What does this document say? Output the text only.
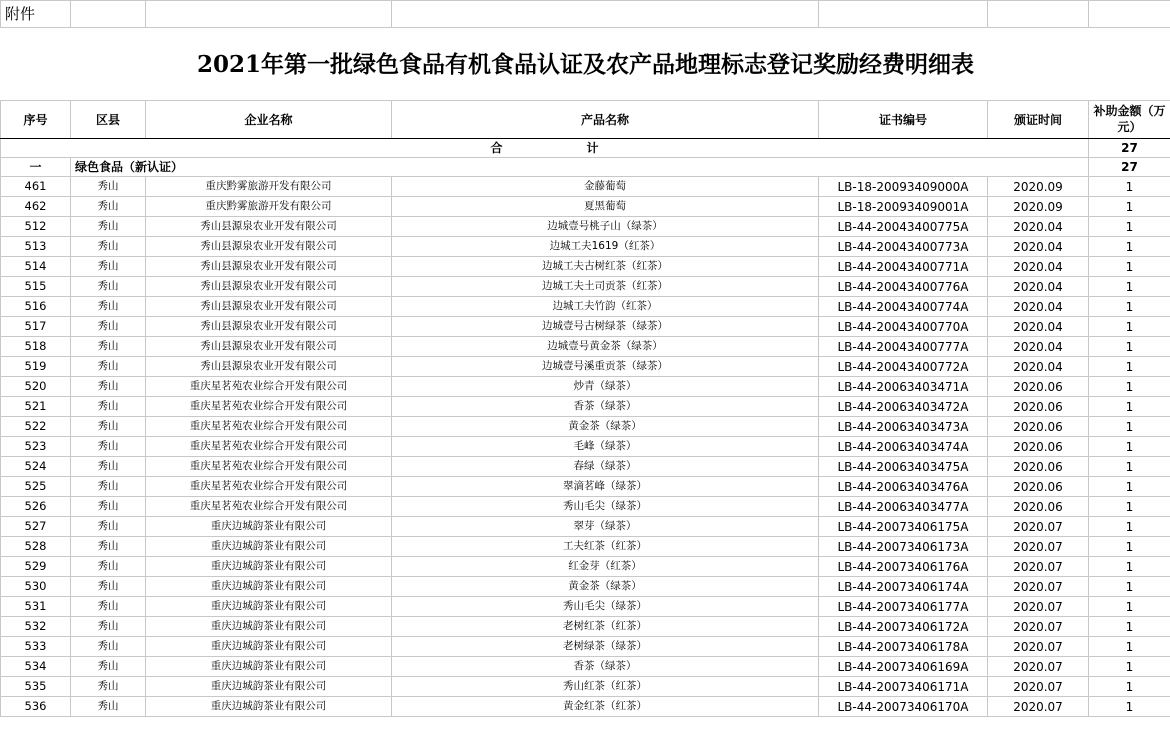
附件						
2021年第一批绿色食品有机食品认证及农产品地理标志登记奖励经费明细表						
序号	区县	企业名称	产品名称	证书编号	颁证时间	补助金额（万元）
合　　　　　　　计						27
一	绿色食品（新认证）					27
461	秀山	重庆黔雾旅游开发有限公司	金藤葡萄	LB-18-20093409000A	2020.09	1
462	秀山	重庆黔雾旅游开发有限公司	夏黑葡萄	LB-18-20093409001A	2020.09	1
512	秀山	秀山县源泉农业开发有限公司	边城壹号桃子山（绿茶）	LB-44-20043400775A	2020.04	1
513	秀山	秀山县源泉农业开发有限公司	边城工夫1619（红茶）	LB-44-20043400773A	2020.04	1
514	秀山	秀山县源泉农业开发有限公司	边城工夫古树红茶（红茶）	LB-44-20043400771A	2020.04	1
515	秀山	秀山县源泉农业开发有限公司	边城工夫土司贡茶（红茶）	LB-44-20043400776A	2020.04	1
516	秀山	秀山县源泉农业开发有限公司	边城工夫竹韵（红茶）	LB-44-20043400774A	2020.04	1
517	秀山	秀山县源泉农业开发有限公司	边城壹号古树绿茶（绿茶）	LB-44-20043400770A	2020.04	1
518	秀山	秀山县源泉农业开发有限公司	边城壹号黄金茶（绿茶）	LB-44-20043400777A	2020.04	1
519	秀山	秀山县源泉农业开发有限公司	边城壹号溪重贡茶（绿茶）	LB-44-20043400772A	2020.04	1
520	秀山	重庆星茗苑农业综合开发有限公司	炒青（绿茶）	LB-44-20063403471A	2020.06	1
521	秀山	重庆星茗苑农业综合开发有限公司	香茶（绿茶）	LB-44-20063403472A	2020.06	1
522	秀山	重庆星茗苑农业综合开发有限公司	黄金茶（绿茶）	LB-44-20063403473A	2020.06	1
523	秀山	重庆星茗苑农业综合开发有限公司	毛峰（绿茶）	LB-44-20063403474A	2020.06	1
524	秀山	重庆星茗苑农业综合开发有限公司	春绿（绿茶）	LB-44-20063403475A	2020.06	1
525	秀山	重庆星茗苑农业综合开发有限公司	翠滴茗峰（绿茶）	LB-44-20063403476A	2020.06	1
526	秀山	重庆星茗苑农业综合开发有限公司	秀山毛尖（绿茶）	LB-44-20063403477A	2020.06	1
527	秀山	重庆边城韵茶业有限公司	翠芽（绿茶）	LB-44-20073406175A	2020.07	1
528	秀山	重庆边城韵茶业有限公司	工夫红茶（红茶）	LB-44-20073406173A	2020.07	1
529	秀山	重庆边城韵茶业有限公司	红金芽（红茶）	LB-44-20073406176A	2020.07	1
530	秀山	重庆边城韵茶业有限公司	黄金茶（绿茶）	LB-44-20073406174A	2020.07	1
531	秀山	重庆边城韵茶业有限公司	秀山毛尖（绿茶）	LB-44-20073406177A	2020.07	1
532	秀山	重庆边城韵茶业有限公司	老树红茶（红茶）	LB-44-20073406172A	2020.07	1
533	秀山	重庆边城韵茶业有限公司	老树绿茶（绿茶）	LB-44-20073406178A	2020.07	1
534	秀山	重庆边城韵茶业有限公司	香茶（绿茶）	LB-44-20073406169A	2020.07	1
535	秀山	重庆边城韵茶业有限公司	秀山红茶（红茶）	LB-44-20073406171A	2020.07	1
536	秀山	重庆边城韵茶业有限公司	黄金红茶（红茶）	LB-44-20073406170A	2020.07	1
